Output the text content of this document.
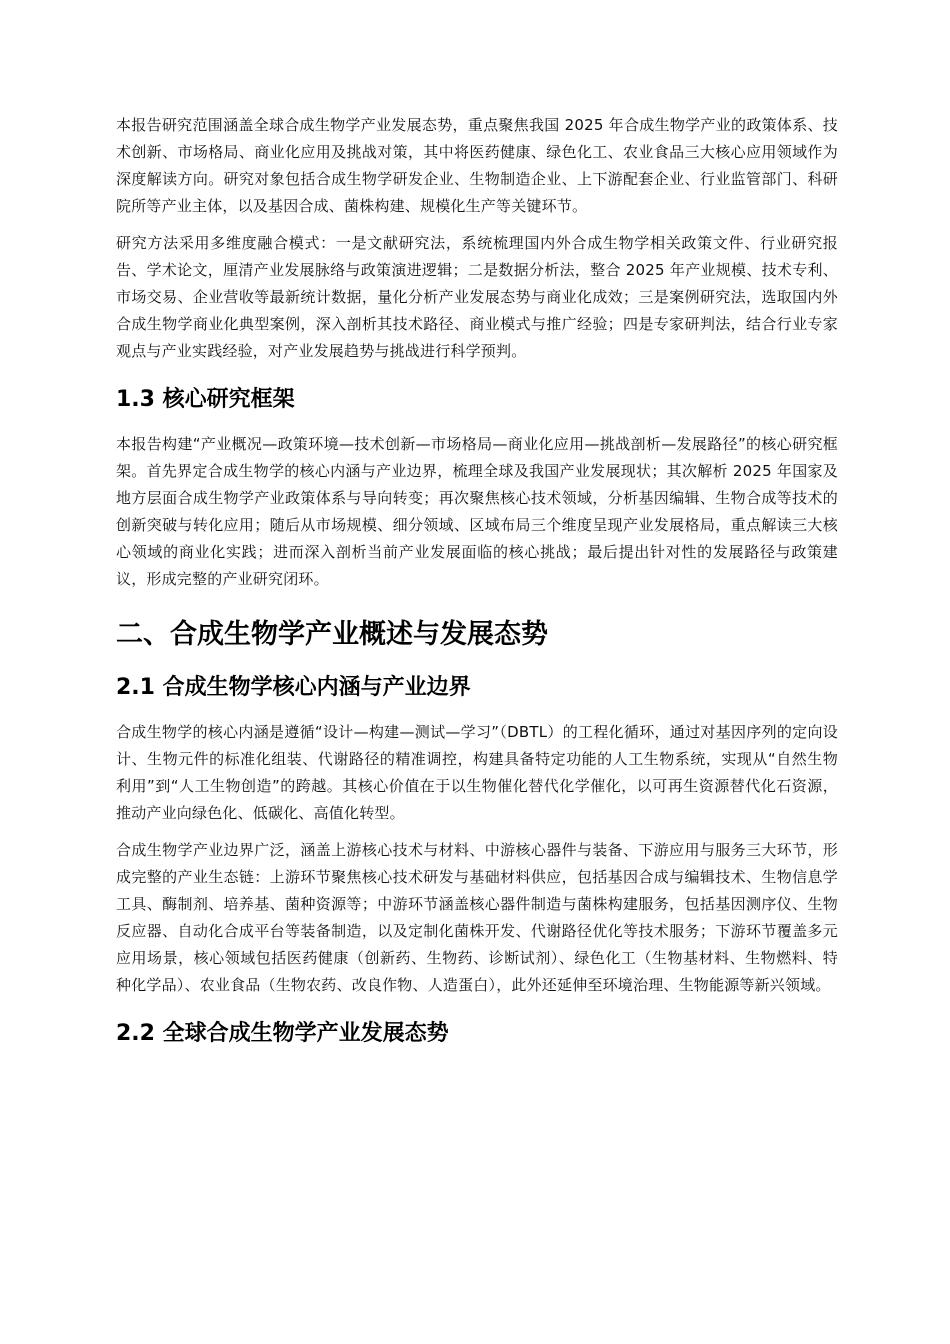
本报告研究范围涵盖全球合成生物学产业发展态势，重点聚焦我国 2025 年合成生物学产业的政策体系、技术创新、市场格局、商业化应用及挑战对策，其中将医药健康、绿色化工、农业食品三大核心应用领域作为深度解读方向。研究对象包括合成生物学研发企业、生物制造企业、上下游配套企业、行业监管部门、科研院所等产业主体，以及基因合成、菌株构建、规模化生产等关键环节。

研究方法采用多维度融合模式：一是文献研究法，系统梳理国内外合成生物学相关政策文件、行业研究报告、学术论文，厘清产业发展脉络与政策演进逻辑；二是数据分析法，整合 2025 年产业规模、技术专利、市场交易、企业营收等最新统计数据，量化分析产业发展态势与商业化成效；三是案例研究法，选取国内外合成生物学商业化典型案例，深入剖析其技术路径、商业模式与推广经验；四是专家研判法，结合行业专家观点与产业实践经验，对产业发展趋势与挑战进行科学预判。

1.3 核心研究框架

本报告构建“产业概况—政策环境—技术创新—市场格局—商业化应用—挑战剖析—发展路径”的核心研究框架。首先界定合成生物学的核心内涵与产业边界，梳理全球及我国产业发展现状；其次解析 2025 年国家及地方层面合成生物学产业政策体系与导向转变；再次聚焦核心技术领域，分析基因编辑、生物合成等技术的创新突破与转化应用；随后从市场规模、细分领域、区域布局三个维度呈现产业发展格局，重点解读三大核心领域的商业化实践；进而深入剖析当前产业发展面临的核心挑战；最后提出针对性的发展路径与政策建议，形成完整的产业研究闭环。

二、合成生物学产业概述与发展态势
2.1 合成生物学核心内涵与产业边界

合成生物学的核心内涵是遵循“设计—构建—测试—学习”（DBTL）的工程化循环，通过对基因序列的定向设计、生物元件的标准化组装、代谢路径的精准调控，构建具备特定功能的人工生物系统，实现从“自然生物利用”到“人工生物创造”的跨越。其核心价值在于以生物催化替代化学催化，以可再生资源替代化石资源，推动产业向绿色化、低碳化、高值化转型。

合成生物学产业边界广泛，涵盖上游核心技术与材料、中游核心器件与装备、下游应用与服务三大环节，形成完整的产业生态链：上游环节聚焦核心技术研发与基础材料供应，包括基因合成与编辑技术、生物信息学工具、酶制剂、培养基、菌种资源等；中游环节涵盖核心器件制造与菌株构建服务，包括基因测序仪、生物反应器、自动化合成平台等装备制造，以及定制化菌株开发、代谢路径优化等技术服务；下游环节覆盖多元应用场景，核心领域包括医药健康（创新药、生物药、诊断试剂）、绿色化工（生物基材料、生物燃料、特种化学品）、农业食品（生物农药、改良作物、人造蛋白），此外还延伸至环境治理、生物能源等新兴领域。

2.2 全球合成生物学产业发展态势
